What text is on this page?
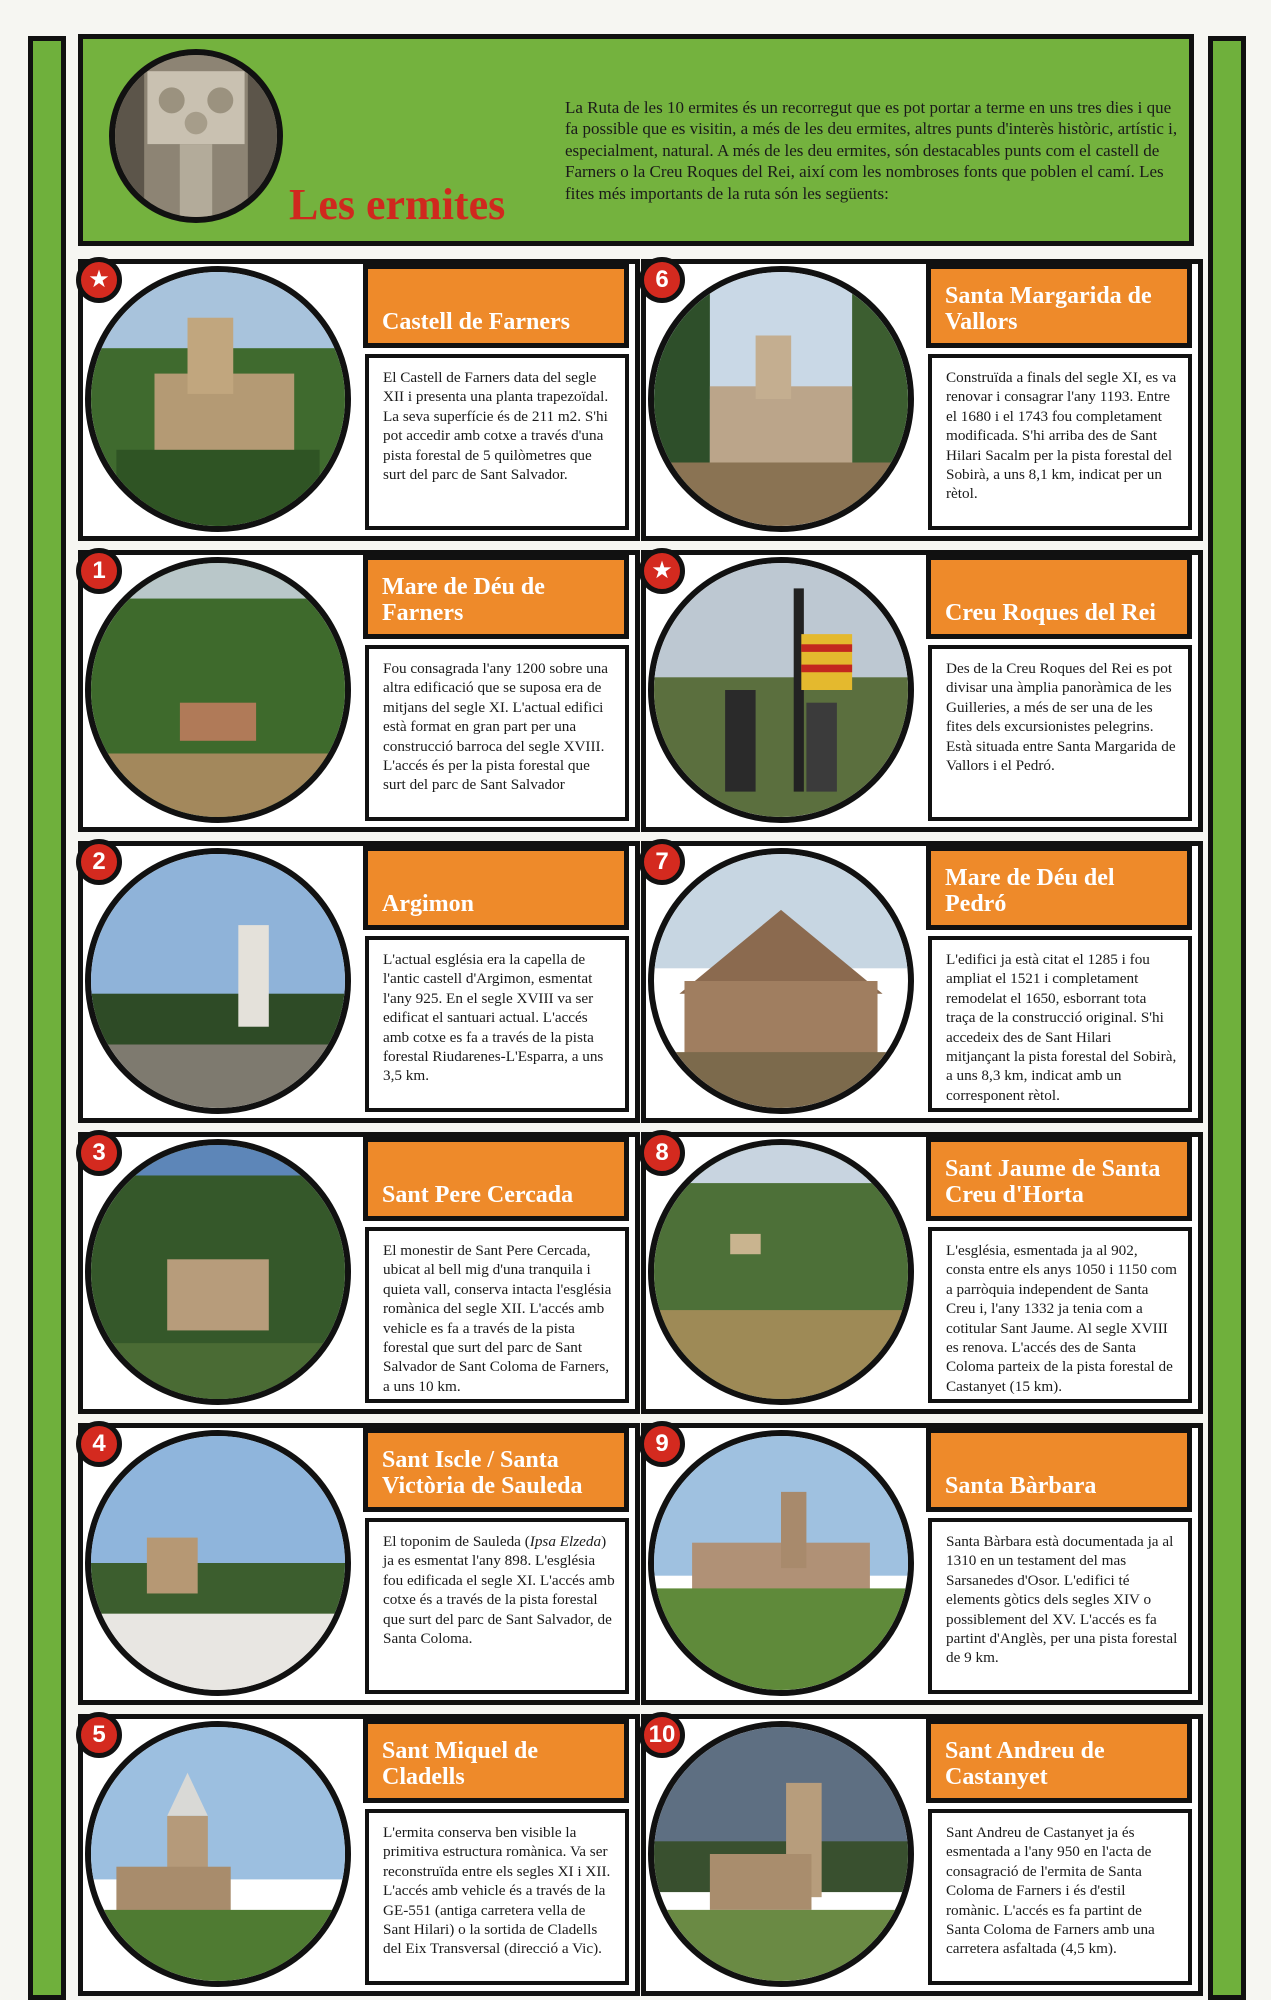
Les ermites
La Ruta de les 10 ermites és un recorregut que es pot portar a terme en uns tres dies i que fa possible que es visitin, a més de les deu ermites, altres punts d'interès històric, artístic i, especialment, natural. A més de les deu ermites, són destacables punts com el castell de Farners o la Creu Roques del Rei, així com les nombroses fonts que poblen el camí. Les fites més importants de la ruta són les següents:
★
Castell de Farners
El Castell de Farners data del segle XII i presenta una planta trapezoïdal. La seva superfície és de 211 m2. S'hi pot accedir amb cotxe a través d'una pista forestal de 5 quilòmetres que surt del parc de Sant Salvador.
6
Santa Margarida de Vallors
Construïda a finals del segle XI, es va renovar i consagrar l'any 1193. Entre el 1680 i el 1743 fou completament modificada. S'hi arriba des de Sant Hilari Sacalm per la pista forestal del Sobirà, a uns 8,1 km, indicat per un rètol.
1
Mare de Déu de Farners
Fou consagrada l'any 1200 sobre una altra edificació que se suposa era de mitjans del segle XI. L'actual edifici està format en gran part per una construcció barroca del segle XVIII. L'accés és per la pista forestal que surt del parc de Sant Salvador
★
Creu Roques del Rei
Des de la Creu Roques del Rei es pot divisar una àmplia panoràmica de les Guilleries, a més de ser una de les fites dels excursionistes pelegrins. Està situada entre Santa Margarida de Vallors i el Pedró.
2
Argimon
L'actual església era la capella de l'antic castell d'Argimon, esmentat l'any 925. En el segle XVIII va ser edificat el santuari actual. L'accés amb cotxe es fa a través de la pista forestal Riudarenes-L'Esparra, a uns 3,5 km.
7
Mare de Déu del Pedró
L'edifici ja està citat el 1285 i fou ampliat el 1521 i completament remodelat el 1650, esborrant tota traça de la construcció original. S'hi accedeix des de Sant Hilari mitjançant la pista forestal del Sobirà, a uns 8,3 km, indicat amb un corresponent rètol.
3
Sant Pere Cercada
El monestir de Sant Pere Cercada, ubicat al bell mig d'una tranquila i quieta vall, conserva intacta l'església romànica del segle XII. L'accés amb vehicle es fa a través de la pista forestal que surt del parc de Sant Salvador de Sant Coloma de Farners, a uns 10 km.
8
Sant Jaume de Santa Creu d'Horta
L'església, esmentada ja al 902, consta entre els anys 1050 i 1150 com a parròquia independent de Santa Creu i, l'any 1332 ja tenia com a cotitular Sant Jaume. Al segle XVIII es renova. L'accés des de Santa Coloma parteix de la pista forestal de Castanyet (15 km).
4
Sant Iscle / Santa Victòria de Sauleda
El toponim de Sauleda (Ipsa Elzeda) ja es esmentat l'any 898. L'església fou edificada el segle XI. L'accés amb cotxe és a través de la pista forestal que surt del parc de Sant Salvador, de Santa Coloma.
9
Santa Bàrbara
Santa Bàrbara està documentada ja al 1310 en un testament del mas Sarsanedes d'Osor. L'edifici té elements gòtics dels segles XIV o possiblement del XV. L'accés es fa partint d'Anglès, per una pista forestal de 9 km.
5
Sant Miquel de Cladells
L'ermita conserva ben visible la primitiva estructura romànica. Va ser reconstruïda entre els segles XI i XII. L'accés amb vehicle és a través de la GE-551 (antiga carretera vella de Sant Hilari) o la sortida de Cladells del Eix Transversal (direcció a Vic).
10
Sant Andreu de Castanyet
Sant Andreu de Castanyet ja és esmentada a l'any 950 en l'acta de consagració de l'ermita de Santa Coloma de Farners i és d'estil romànic. L'accés es fa partint de Santa Coloma de Farners amb una carretera asfaltada (4,5 km).
